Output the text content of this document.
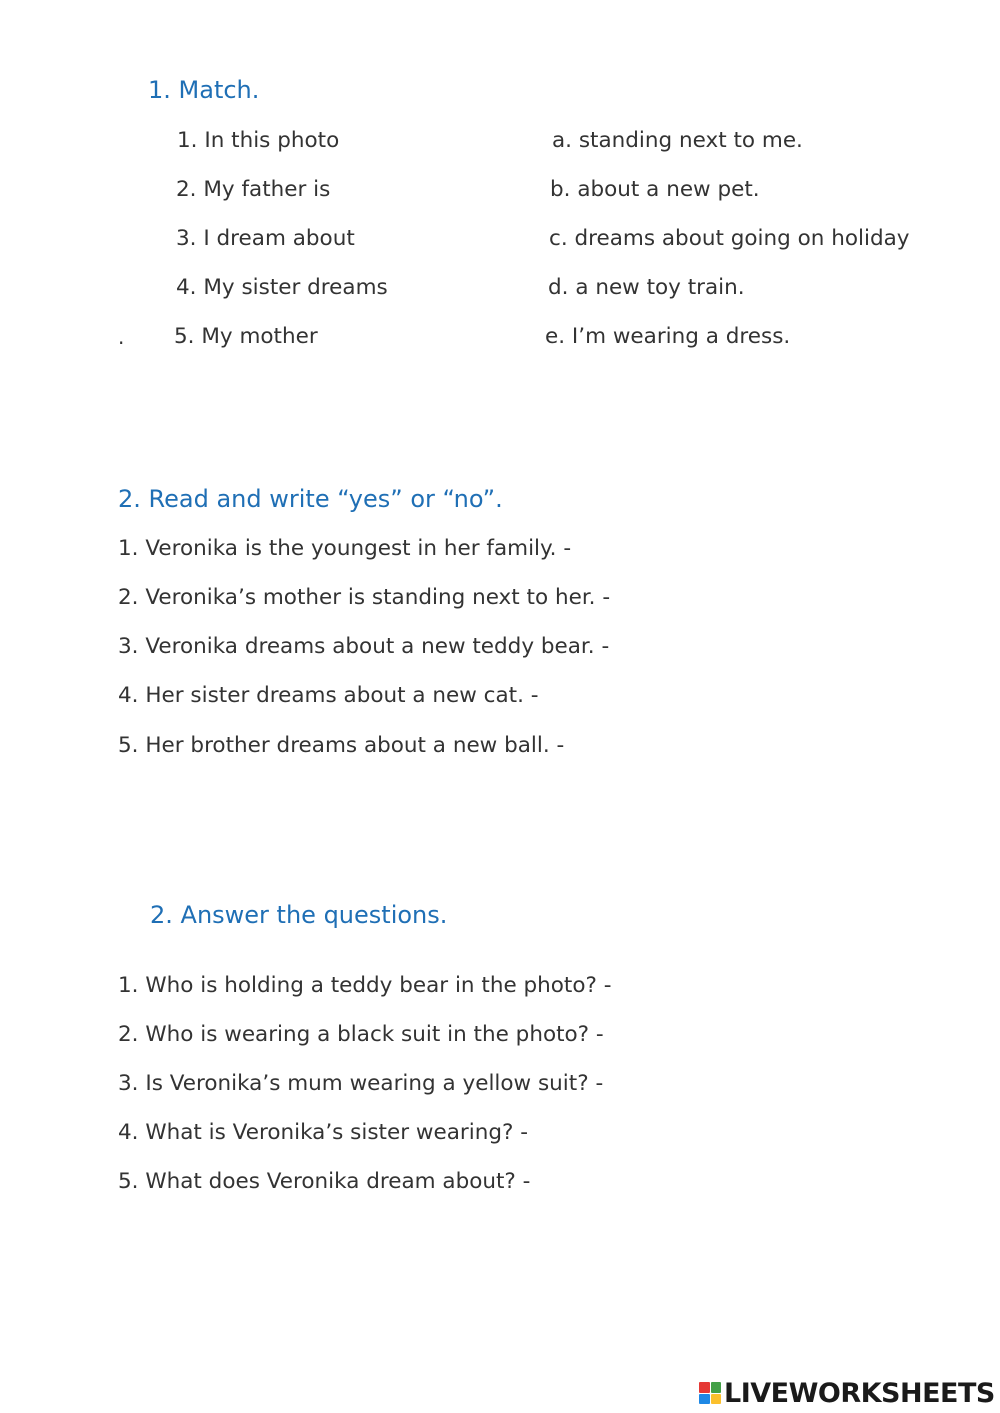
1. Match.
1. In this photo
2. My father is
3. I dream about
4. My sister dreams
. 5. My mother
a. standing next to me.
b. about a new pet.
c. dreams about going on holiday
d. a new toy train.
e. I’m wearing a dress.
2. Read and write “yes” or “no”.
1. Veronika is the youngest in her family. -
2. Veronika’s mother is standing next to her. -
3. Veronika dreams about a new teddy bear. -
4. Her sister dreams about a new cat. -
5. Her brother dreams about a new ball. -
2. Answer the questions.
1. Who is holding a teddy bear in the photo? -
2. Who is wearing a black suit in the photo? -
3. Is Veronika’s mum wearing a yellow suit? -
4. What is Veronika’s sister wearing? -
5. What does Veronika dream about? -
LIVEWORKSHEETS
